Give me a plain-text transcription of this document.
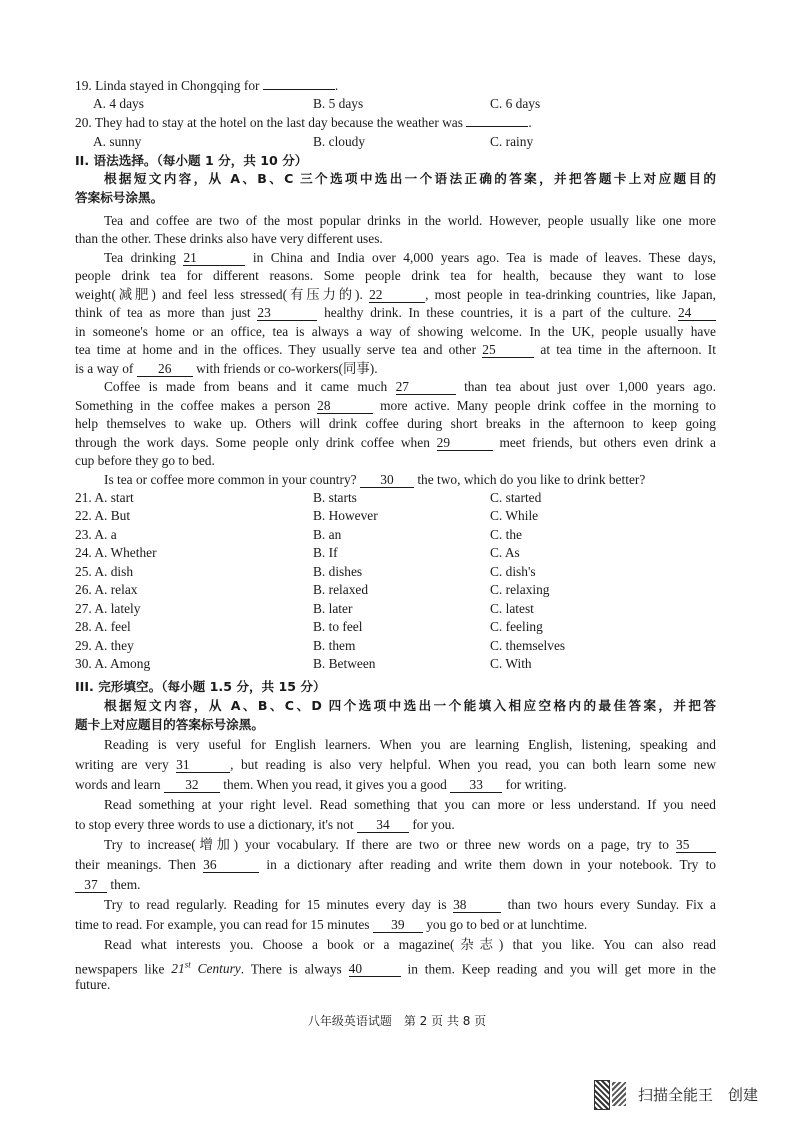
19. Linda stayed in Chongqing for	.
A. 4 days	B. 5 days	C. 6 days
20. They had to stay at the hotel on the last day because the weather was	.
A. sunny	B. cloudy	C. rainy
II. 语法选择。（每小题 1 分，共 10 分）
根据短文内容，从 A、B、C 三个选项中选出一个语法正确的答案，并把答题卡上对应题目的
答案标号涂黑。
Tea and coffee are two of the most popular drinks in the world. However, people usually like one more
than the other. These drinks also have very different uses.
Tea drinking 21	in China and India over 4,000 years ago. Tea is made of leaves. These days,
people drink tea for different reasons. Some people drink tea for health, because they want to lose
weight(减肥) and feel less stressed(有压力的). 22	, most people in tea-drinking countries, like Japan,
think of tea as more than just 23	healthy drink. In these countries, it is a part of the culture. 24
in someone's home or an office, tea is always a way of showing welcome. In the UK, people usually have
tea time at home and in the offices. They usually serve tea and other 25	at tea time in the afternoon. It
is a way of 26 with friends or co-workers(同事).
Coffee is made from beans and it came much 27	than tea about just over 1,000 years ago.
Something in the coffee makes a person 28	more active. Many people drink coffee in the morning to
help themselves to wake up. Others will drink coffee during short breaks in the afternoon to keep going
through the work days. Some people only drink coffee when 29	meet friends, but others even drink a
cup before they go to bed.
Is tea or coffee more common in your country? 30 the two, which do you like to drink better?
21. A. start	B. starts	C. started
22. A. But	B. However	C. While
23. A. a	B. an	C. the
24. A. Whether	B. If	C. As
25. A. dish	B. dishes	C. dish's
26. A. relax	B. relaxed	C. relaxing
27. A. lately	B. later	C. latest
28. A. feel	B. to feel	C. feeling
29. A. they	B. them	C. themselves
30. A. Among	B. Between	C. With
III. 完形填空。（每小题 1.5 分，共 15 分）
根据短文内容，从 A、B、C、D 四个选项中选出一个能填入相应空格内的最佳答案，并把答
题卡上对应题目的答案标号涂黑。
Reading is very useful for English learners. When you are learning English, listening, speaking and
writing are very 31	, but reading is also very helpful. When you read, you can both learn some new
words and learn 32 them. When you read, it gives you a good 33 for writing.
Read something at your right level. Read something that you can more or less understand. If you need
to stop every three words to use a dictionary, it's not 34 for you.
Try to increase(增加) your vocabulary. If there are two or three new words on a page, try to 35
their meanings. Then 36	in a dictionary after reading and write them down in your notebook. Try to
37 them.
Try to read regularly. Reading for 15 minutes every day is 38	than two hours every Sunday. Fix a
time to read. For example, you can read for 15 minutes 39 you go to bed or at lunchtime.
Read what interests you. Choose a book or a magazine(杂志) that you like. You can also read
newspapers like 21st Century. There is always 40	in them. Keep reading and you will get more in the
future.
八年级英语试题　第 2 页 共 8 页
扫描全能王　创建
